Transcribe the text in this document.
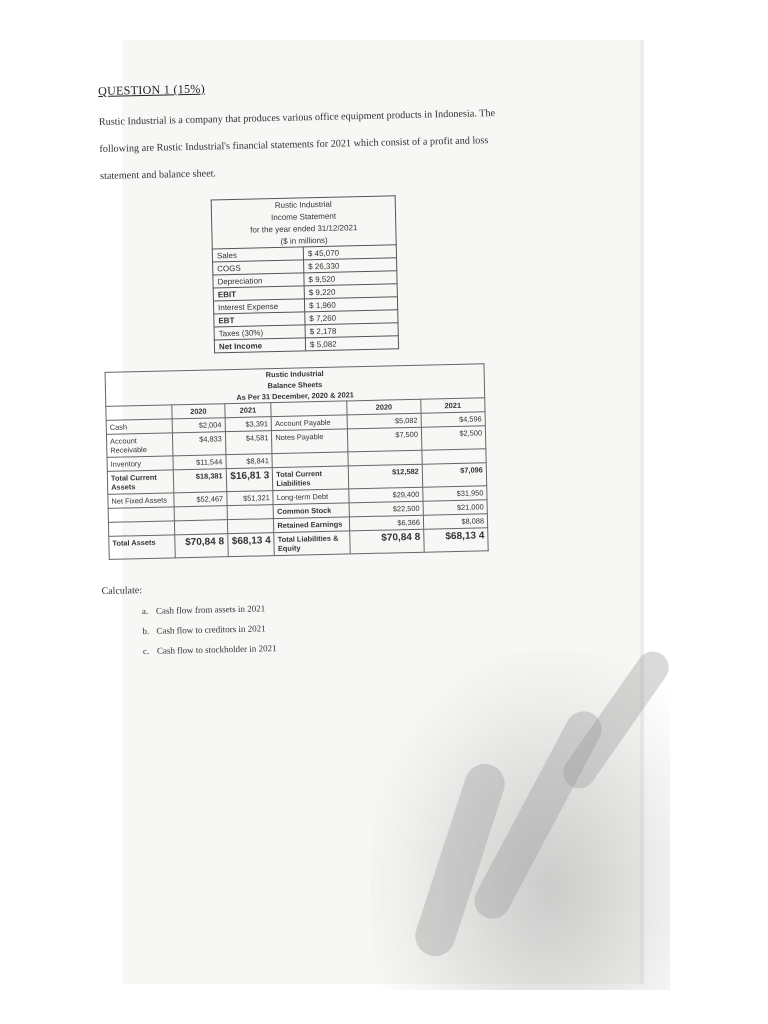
QUESTION 1 (15%)

Rustic Industrial is a company that produces various office equipment products in Indonesia. The
following are Rustic Industrial's financial statements for 2021 which consist of a profit and loss
statement and balance sheet.

Rustic Industrial	
Income Statement	
for the year ended 31/12/2021	
($ in millions)	
Sales	$ 45,070
COGS	$ 26,330
Depreciation	$ 9,520
EBIT	$ 9,220
Interest Expense	$ 1,960
EBT	$ 7,260
Taxes (30%)	$ 2,178
Net Income	$ 5,082
Rustic Industrial					
Balance Sheets					
As Per 31 December, 2020 & 2021					
	2020	2021		2020	2021
Cash	$2,004	$3,391	Account Payable	$5,082	$4,596
Account Receivable	$4,833	$4,581	Notes Payable	$7,500	$2,500
Inventory	$11,544	$8,841			
Total Current Assets	$18,381	$16,81 3	Total Current Liabilities	$12,582	$7,096
Net Fixed Assets	$52,467	$51,321	Long-term Debt	$29,400	$31,950
			Common Stock	$22,500	$21,000
			Retained Earnings	$6,366	$8,088
Total Assets	$70,84 8	$68,13 4	Total Liabilities & Equity	$70,84 8	$68,13 4

Calculate:

a. Cash flow from assets in 2021
b. Cash flow to creditors in 2021
c. Cash flow to stockholder in 2021
